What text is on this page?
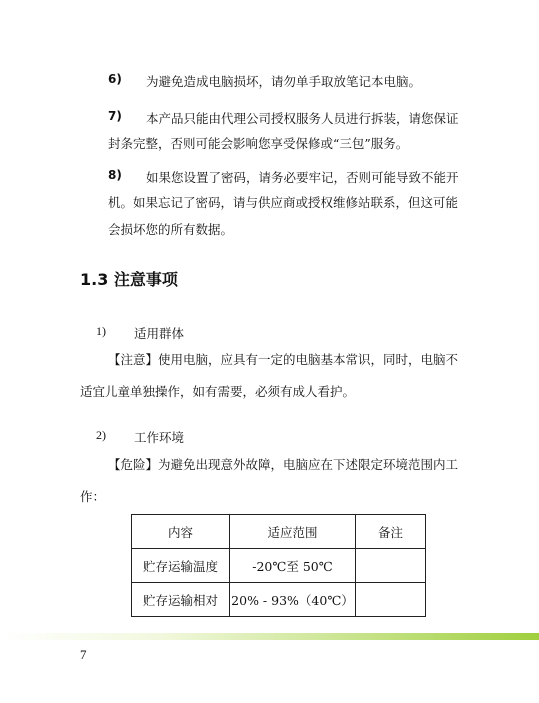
6) 为避免造成电脑损坏，请勿单手取放笔记本电脑。
7) 本产品只能由代理公司授权服务人员进行拆装，请您保证
封条完整，否则可能会影响您享受保修或“三包”服务。
8) 如果您设置了密码，请务必要牢记，否则可能导致不能开
机。如果忘记了密码，请与供应商或授权维修站联系，但这可能
会损坏您的所有数据。
1.3 注意事项
1) 适用群体
【注意】使用电脑，应具有一定的电脑基本常识，同时，电脑不
适宜儿童单独操作，如有需要，必须有成人看护。
2) 工作环境
【危险】为避免出现意外故障，电脑应在下述限定环境范围内工
作：
内容	适应范围	备注
贮存运输温度	-20℃至 50℃	
贮存运输相对	20% - 93%（40℃）	
7
